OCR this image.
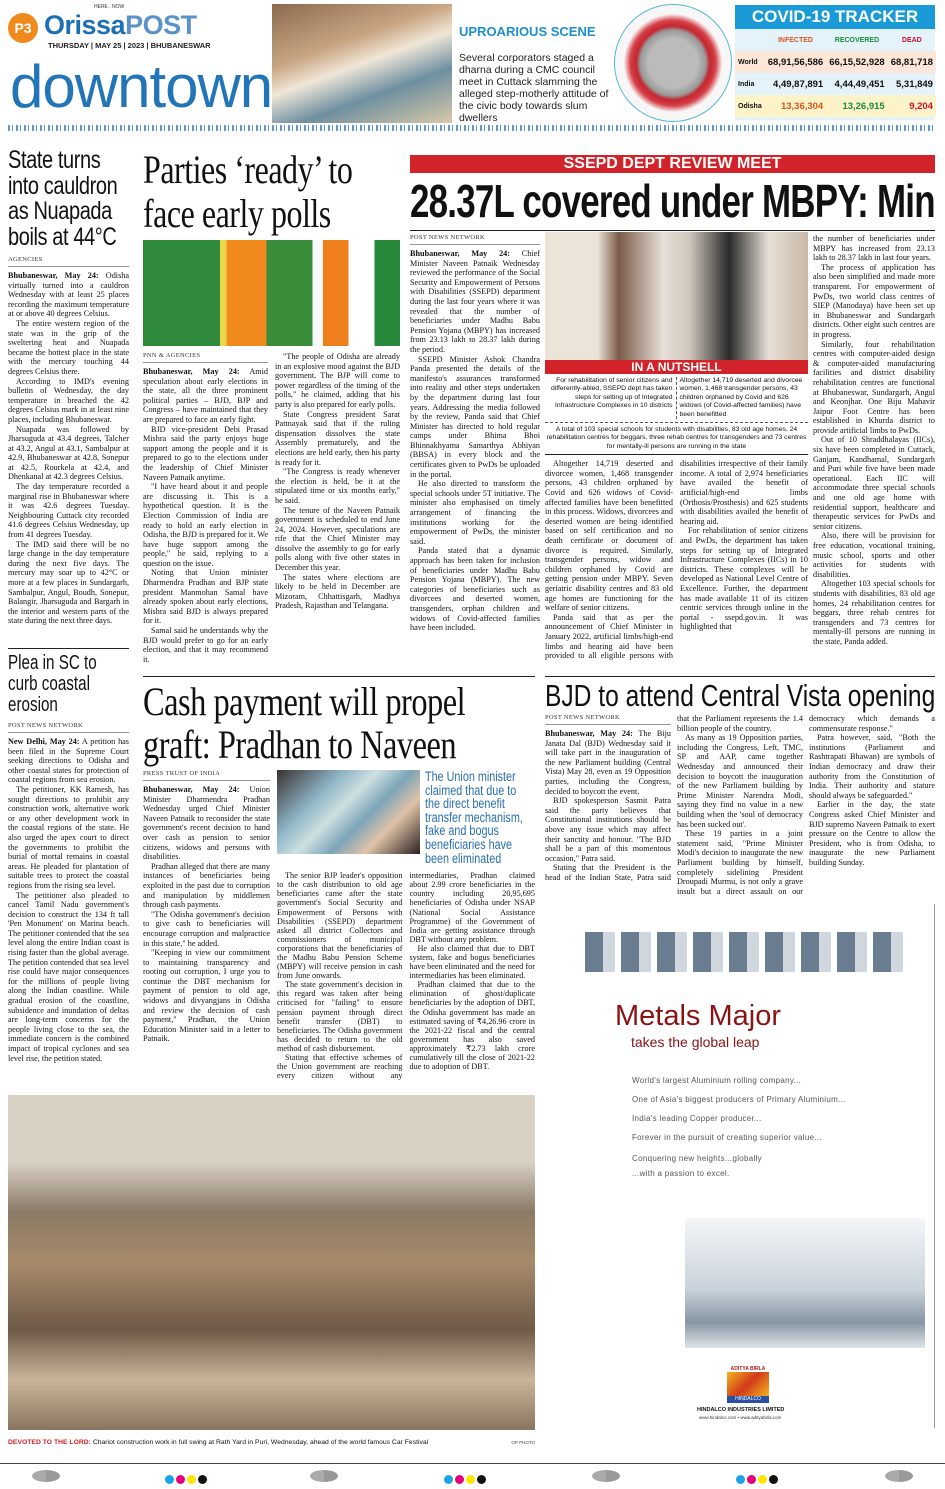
P3
HERE . NOW
OrissaPOST
THURSDAY | MAY 25 | 2023 | BHUBANESWAR
downtown
UPROARIOUS SCENE
Several corporators staged a dharna during a CMC council meet in Cuttack slamming the alleged step-motherly attitude of the civic body towards slum dwellers
COVID-19 TRACKER
	INFECTED	RECOVERED	DEAD
World	68,91,56,586	66,15,52,928	68,81,718
India	4,49,87,891	4,44,49,451	5,31,849
Odisha	13,36,304	13,26,915	9,204
State turns into cauldron as Nuapada boils at 44°C
AGENCIES

Bhubaneswar, May 24: Odisha virtually turned into a cauldron Wednesday with at least 25 places recording the maximum temperature at or above 40 degrees Celsius.

The entire western region of the state was in the grip of the sweltering heat and Nuapada became the hottest place in the state with the mercury touching 44 degrees Celsius there.

According to IMD's evening bulletin of Wednesday, the day temperature in breached the 42 degrees Celsius mark in at least nine places, including Bhubaneswar.

Nuapada was followed by Jharsuguda at 43.4 degrees, Talcher at 43.2, Angul at 43.1, Sambalpur at 42.9, Bhubaneswar at 42.8, Sonepur at 42.5, Rourkela at 42.4, and Dhenkanal at 42.3 degrees Celsius.

The day temperature recorded a marginal rise in Bhubaneswar where it was 42.6 degrees Tuesday. Neighbouring Cuttack city recorded 41.6 degrees Celsius Wednesday, up from 41 degrees Tuesday.

The IMD said there will be no large change in the day temperature during the next five days. The mercury may soar up to 42°C or more at a few places in Sundargarh, Sambalpur, Angul, Boudh, Sonepur, Balangir, Jharsuguda and Bargarh in the interior and western parts of the state during the next three days.

Plea in SC to curb coastal erosion
POST NEWS NETWORK

New Delhi, May 24: A petition has been filed in the Supreme Court seeking directions to Odisha and other coastal states for protection of coastal regions from sea erosion.

The petitioner, KK Ramesh, has sought directions to prohibit any construction work, alternative work or any other development work in the coastal regions of the state. He also urged the apex court to direct the governments to prohibit the burial of mortal remains in coastal areas. He pleaded for plantation of suitable trees to protect the coastal regions from the rising sea level.

The petitioner also pleaded to cancel Tamil Nadu government's decision to construct the 134 ft tall 'Pen Monument' on Marina beach. The petitioner contended that the sea level along the entire Indian coast is rising faster than the global average. The petition contended that sea level rise could have major consequences for the millions of people living along the Indian coastline. While gradual erosion of the coastline, subsidence and inundation of deltas are long-term concerns for the people living close to the sea, the immediate concern is the combined impact of tropical cyclones and sea level rise, the petition stated.

Parties ‘ready’ to face early polls
PNN & AGENCIES

Bhubaneswar, May 24: Amid speculation about early elections in the state, all the three prominent political parties – BJD, BJP and Congress – have maintained that they are prepared to face an early fight.

BJD vice-president Debi Prasad Mishra said the party enjoys huge support among the people and it is prepared to go to the elections under the leadership of Chief Minister Naveen Patnaik anytime.

"I have heard about it and people are discussing it. This is a hypothetical question. It is the Election Commission of India are ready to hold an early election in Odisha, the BJD is prepared for it. We have huge support among the people," he said, replying to a question on the issue.

Noting that Union minister Dharmendra Pradhan and BJP state president Manmohan Samal have already spoken about early elections, Mishra said BJD is always prepared for it.

Samal said he understands why the BJD would prefer to go for an early election, and that it may recommend it.

"The people of Odisha are already in an explosive mood against the BJD government. The BJP will come to power regardless of the timing of the polls," he claimed, adding that his party is also prepared for early polls.

State Congress president Sarat Pattnayak said that if the ruling dispensation dissolves the state Assembly prematurely, and the elections are held early, then his party is ready for it.

"The Congress is ready whenever the election is held, be it at the stipulated time or six months early," he said.

The tenure of the Naveen Patnaik government is scheduled to end June 24, 2024. However, speculations are rife that the Chief Minister may dissolve the assembly to go for early polls along with five other states in December this year.

The states where elections are likely to be held in December are Mizoram, Chhattisgarh, Madhya Pradesh, Rajasthan and Telangana.

SSEPD DEPT REVIEW MEET
28.37L covered under MBPY: Min
POST NEWS NETWORK

Bhubaneswar, May 24: Chief Minister Naveen Patnaik Wednesday reviewed the performance of the Social Security and Empowerment of Persons with Disabilities (SSEPD) department during the last four years where it was revealed that the number of beneficiaries under Madhu Babu Pension Yojana (MBPY) has increased from 23.13 lakh to 28.37 lakh during the period.

SSEPD Minister Ashok Chandra Panda presented the details of the manifesto's assurances transformed into reality and other steps undertaken by the department during last four years. Addressing the media followed by the review, Panda said that Chief Minister has directed to hold regular camps under Bhima Bhoi Bhinnakhyama Samarthya Abhiyan (BBSA) in every block and the certificates given to PwDs be uploaded in the portal.

He also directed to transform the special schools under 5T initiative. The minister also emphasised on timely arrangement of financing the institutions working for the empowerment of PwDs, the minister said.

Panda stated that a dynamic approach has been taken for inclusion of beneficiaries under Madhu Babu Pension Yojana (MBPY). The new categories of beneficiaries such as divorcees and deserted women, transgenders, orphan children and widows of Covid-affected families have been included.

IN A NUTSHELL
For rehabilitation of senior citizens and differently-abled, SSEPD dept has taken steps for setting up of Integrated Infrastructure Complexes in 10 districts
Altogether 14,719 deserted and divorcee women, 1,468 transgender persons, 43 children orphaned by Covid and 626 widows (of Covid-affected families) have been benefitted
A total of 103 special schools for students with disabilities, 83 old age homes, 24 rehabilitation centres for beggars, three rehab centres for transgenders and 73 centres for mentally-ill persons are running in the state

Altogether 14,719 deserted and divorcee women, 1,468 transgender persons, 43 children orphaned by Covid and 626 widows of Covid-affected families have been benefitted in this process. Widows, divorcees and deserted women are being identified based on self certification and no death certificate or document of divorce is required. Similarly, transgender persons, widow and children orphaned by Covid are getting pension under MBPY. Seven geriatric disability centres and 83 old age homes are functioning for the welfare of senior citizens.

Panda said that as per the announcement of Chief Minister in January 2022, artificial limbs/high-end limbs and hearing aid have been provided to all eligible persons with disabilities irrespective of their family income. A total of 2,974 beneficiaries have availed the benefit of artificial/high-end limbs (Orthosis/Prosthesis) and 625 students with disabilities availed the benefit of hearing aid.

For rehabilitation of senior citizens and PwDs, the department has taken steps for setting up of Integrated Infrastructure Complexes (IICs) in 10 districts. These complexes will be developed as National Level Centre of Excellence. Further, the department has made available 11 of its citizen centric services through online in the portal - ssepd.gov.in. It was highlighted that

the number of beneficiaries under MBPY has increased from 23.13 lakh to 28.37 lakh in last four years.

The process of application has also been simplified and made more transparent. For empowerment of PwDs, two world class centres of SIEP (Manodaya) have been set up in Bhubaneswar and Sundargarh districts. Other eight such centres are in progress.

Similarly, four rehabilitation centres with computer-aided design & computer-aided manufacturing facilities and district disability rehabilitation centres are functional at Bhubaneswar, Sundargarh, Angul and Keonjhar. One Biju Mahavir Jaipur Foot Centre has been established in Khurda district to provide artificial limbs to PwDs.

Out of 10 Shraddhalayas (IICs), six have been completed in Cuttack, Ganjam, Kandhamal, Sundargarh and Puri while five have been made operational. Each IIC will accommodate three special schools and one old age home with residential support, healthcare and therapeutic services for PwDs and senior citizens.

Also, there will be provision for free education, vocational training, music school, sports and other activities for students with disabilities.

Altogether 103 special schools for students with disabilities, 83 old age homes, 24 rehabilitation centres for beggars, three rehab centres for transgenders and 73 centres for mentally-ill persons are running in the state, Panda added.

Cash payment will propel graft: Pradhan to Naveen
PRESS TRUST OF INDIA

Bhubaneswar, May 24: Union Minister Dharmendra Pradhan Wednesday urged Chief Minister Naveen Patnaik to reconsider the state government's recent decision to hand over cash as pension to senior citizens, widows and persons with disabilities.

Pradhan alleged that there are many instances of beneficiaries being exploited in the past due to corruption and manipulation by middlemen through cash payments.

"The Odisha government's decision to give cash to beneficiaries will encourage corruption and malpractice in this state," he added.

"Keeping in view our commitment to maintaining transparency and rooting out corruption, I urge you to continue the DBT mechanism for payment of pension to old age, widows and divyangjans in Odisha and review the decision of cash payment," Pradhan, the Union Education Minister said in a letter to Patnaik.

The Union minister claimed that due to the direct benefit transfer mechanism, fake and bogus beneficiaries have been eliminated

The senior BJP leader's opposition to the cash distribution to old age beneficiaries came after the state government's Social Security and Empowerment of Persons with Disabilities (SSEPD) department asked all district Collectors and commissioners of municipal corporations that the beneficiaries of the Madhu Babu Pension Scheme (MBPY) will receive pension in cash from June onwards.

The state government's decision in this regard was taken after being criticised for "failing" to ensure pension payment through direct benefit transfer (DBT) to beneficiaries. The Odisha government has decided to return to the old method of cash disbursement.

Stating that effective schemes of the Union government are reaching every citizen without any intermediaries, Pradhan claimed about 2.99 crore beneficiaries in the country including 20,95,695 beneficiaries of Odisha under NSAP (National Social Assistance Programme) of the Government of India are getting assistance through DBT without any problem.

He also claimed that due to DBT system, fake and bogus beneficiaries have been eliminated and the need for intermediaries has been eliminated.

Pradhan claimed that due to the elimination of ghost/duplicate beneficiaries by the adoption of DBT, the Odisha government has made an estimated saving of ₹4,26.96 crore in the 2021-22 fiscal and the central government has also saved approximately ₹2.73 lakh crore cumulatively till the close of 2021-22 due to adoption of DBT.

BJD to attend Central Vista opening
POST NEWS NETWORK

Bhubaneswar, May 24: The Biju Janata Dal (BJD) Wednesday said it will take part in the inauguration of the new Parliament building (Central Vista) May 28, even as 19 Opposition parties, including the Congress, decided to boycott the event.

BJD spokesperson Sasmit Patra said the party believes that Constitutional institutions should be above any issue which may affect their sanctity and honour. "The BJD shall be a part of this momentous occasion," Patra said.

Stating that the President is the head of the Indian State, Patra said that the Parliament represents the 1.4 billion people of the country.

As many as 19 Opposition parties, including the Congress, Left, TMC, SP and AAP, came together Wednesday and announced their decision to boycott the inauguration of the new Parliament building by Prime Minister Narendra Modi, saying they find no value in a new building when the 'soul of democracy has been sucked out'.

These 19 parties in a joint statement said, "Prime Minister Modi's decision to inaugurate the new Parliament building by himself, completely sidelining President Droupadi Murmu, is not only a grave insult but a direct assault on our democracy which demands a commensurate response."

Patra however, said, "Both the institutions (Parliament and Rashtrapati Bhawan) are symbols of Indian democracy and draw their authority from the Constitution of India. Their authority and stature should always be safeguarded."

Earlier in the day, the state Congress asked Chief Minister and BJD supremo Naveen Patnaik to exert pressure on the Centre to allow the President, who is from Odisha, to inaugurate the new Parliament building Sunday.

Metals Major
takes the global leap
World's largest Aluminium rolling company...
One of Asia's biggest producers of Primary Aluminium...
India's leading Copper producer...
Forever in the pursuit of creating superior value...
Conquering new heights...globally
...with a passion to excel.
ADITYA BIRLA
HINDALCO
HINDALCO INDUSTRIES LIMITED
www.hindalco.com • www.adityabirla.com
DEVOTED TO THE LORD: Chariot construction work in full swing at Rath Yard in Puri, Wednesday, ahead of the world famous Car Festival	OP PHOTO
